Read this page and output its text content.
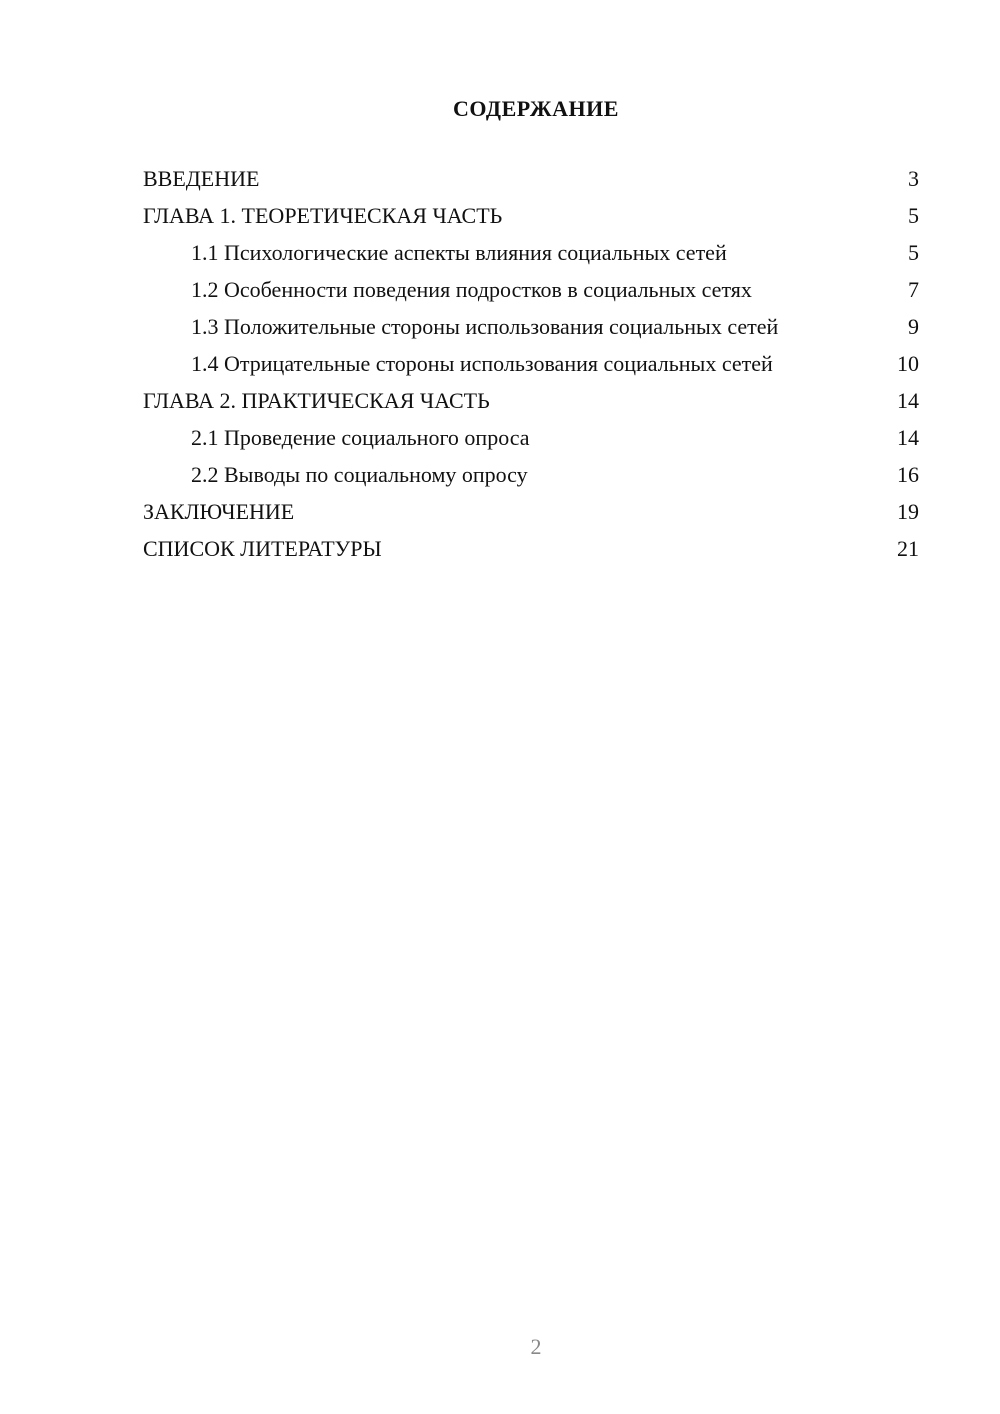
СОДЕРЖАНИЕ
ВВЕДЕНИЕ	3
ГЛАВА 1. ТЕОРЕТИЧЕСКАЯ ЧАСТЬ	5
1.1 Психологические аспекты влияния социальных сетей	5
1.2 Особенности поведения подростков в социальных сетях	7
1.3 Положительные стороны использования социальных сетей	9
1.4 Отрицательные стороны использования социальных сетей	10
ГЛАВА 2. ПРАКТИЧЕСКАЯ ЧАСТЬ	14
2.1 Проведение социального опроса	14
2.2 Выводы по социальному опросу	16
ЗАКЛЮЧЕНИЕ	19
СПИСОК ЛИТЕРАТУРЫ	21
2
